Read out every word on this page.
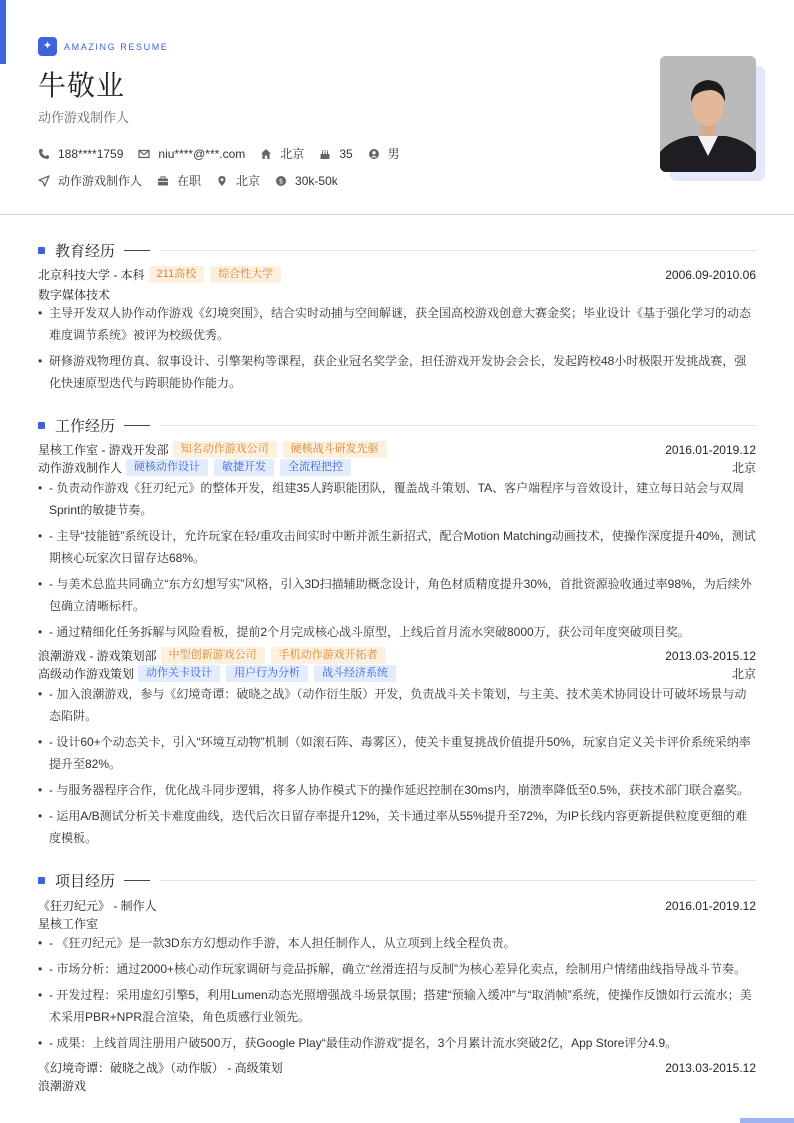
✦	AMAZING RESUME
牛敬业
动作游戏制作人
188****1759	niu****@***.com	北京	35	男
动作游戏制作人	在职	北京	$ 30k-50k
教育经历
北京科技大学 - 本科	211高校	综合性大学	2006.09-2010.06
数字媒体技术
• 主导开发双人协作动作游戏《幻境突围》，结合实时动捕与空间解谜，获全国高校游戏创意大赛金奖；毕业设计《基于强化学习的动态难度调节系统》被评为校级优秀。
• 研修游戏物理仿真、叙事设计、引擎架构等课程，获企业冠名奖学金，担任游戏开发协会会长，发起跨校48小时极限开发挑战赛，强化快速原型迭代与跨职能协作能力。
工作经历
星核工作室 - 游戏开发部	知名动作游戏公司	硬核战斗研发先驱	2016.01-2019.12
动作游戏制作人	硬核动作设计	敏捷开发	全流程把控	北京
• - 负责动作游戏《狂刃纪元》的整体开发，组建35人跨职能团队，覆盖战斗策划、TA、客户端程序与音效设计，建立每日站会与双周Sprint的敏捷节奏。
• - 主导“技能链”系统设计，允许玩家在轻/重攻击间实时中断并派生新招式，配合Motion Matching动画技术，使操作深度提升40%，测试期核心玩家次日留存达68%。
• - 与美术总监共同确立“东方幻想写实”风格，引入3D扫描辅助概念设计，角色材质精度提升30%，首批资源验收通过率98%，为后续外包确立清晰标杆。
• - 通过精细化任务拆解与风险看板，提前2个月完成核心战斗原型，上线后首月流水突破8000万，获公司年度突破项目奖。
浪潮游戏 - 游戏策划部	中型创新游戏公司	手机动作游戏开拓者	2013.03-2015.12
高级动作游戏策划	动作关卡设计	用户行为分析	战斗经济系统	北京
• - 加入浪潮游戏，参与《幻境奇谭：破晓之战》（动作衍生版）开发，负责战斗关卡策划，与主美、技术美术协同设计可破坏场景与动态陷阱。
• - 设计60+个动态关卡，引入“环境互动物”机制（如滚石阵、毒雾区），使关卡重复挑战价值提升50%，玩家自定义关卡评价系统采纳率提升至82%。
• - 与服务器程序合作，优化战斗同步逻辑，将多人协作模式下的操作延迟控制在30ms内，崩溃率降低至0.5%，获技术部门联合嘉奖。
• - 运用A/B测试分析关卡难度曲线，迭代后次日留存率提升12%，关卡通过率从55%提升至72%，为IP长线内容更新提供粒度更细的难度模板。
项目经历
《狂刃纪元》 - 制作人	2016.01-2019.12
星核工作室
• - 《狂刃纪元》是一款3D东方幻想动作手游，本人担任制作人，从立项到上线全程负责。
• - 市场分析：通过2000+核心动作玩家调研与竞品拆解，确立“丝滑连招与反制”为核心差异化卖点，绘制用户情绪曲线指导战斗节奏。
• - 开发过程：采用虚幻引擎5，利用Lumen动态光照增强战斗场景氛围；搭建“预输入缓冲”与“取消帧”系统，使操作反馈如行云流水；美术采用PBR+NPR混合渲染，角色质感行业领先。
• - 成果：上线首周注册用户破500万，获Google Play“最佳动作游戏”提名，3个月累计流水突破2亿，App Store评分4.9。
《幻境奇谭：破晓之战》（动作版） - 高级策划	2013.03-2015.12
浪潮游戏
